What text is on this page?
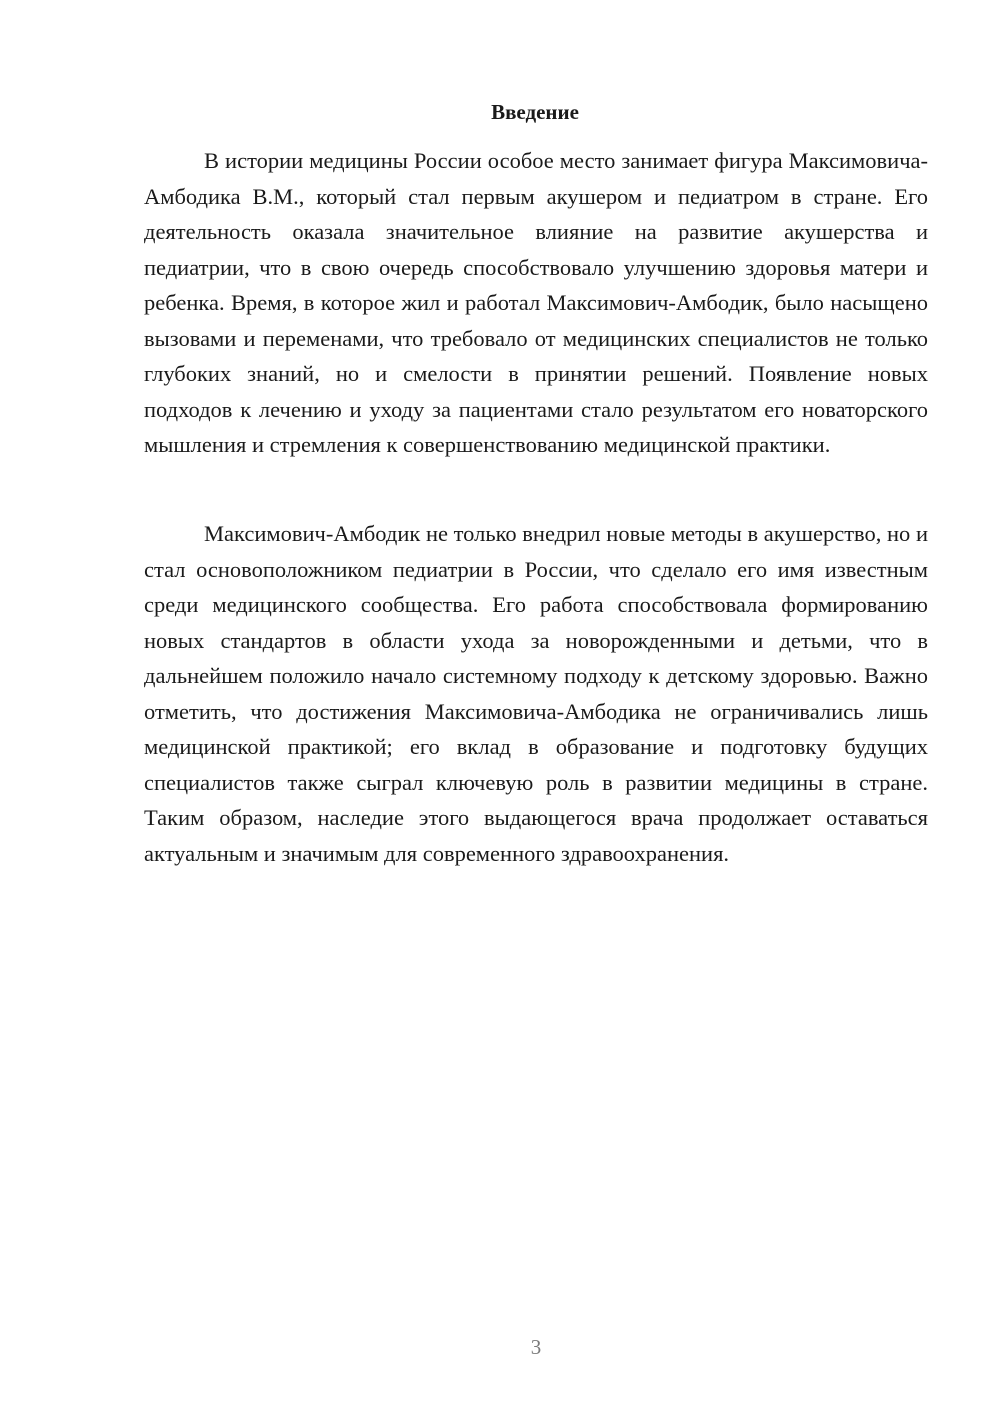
Введение

В истории медицины России особое место занимает фигура Максимовича-Амбодика В.М., который стал первым акушером и педиатром в стране. Его деятельность оказала значительное влияние на развитие акушерства и педиатрии, что в свою очередь способствовало улучшению здоровья матери и ребенка. Время, в которое жил и работал Максимович-Амбодик, было насыщено вызовами и переменами, что требовало от медицинских специалистов не только глубоких знаний, но и смелости в принятии решений. Появление новых подходов к лечению и уходу за пациентами стало результатом его новаторского мышления и стремления к совершенствованию медицинской практики.

Максимович-Амбодик не только внедрил новые методы в акушерство, но и стал основоположником педиатрии в России, что сделало его имя известным среди медицинского сообщества. Его работа способствовала формированию новых стандартов в области ухода за новорожденными и детьми, что в дальнейшем положило начало системному подходу к детскому здоровью. Важно отметить, что достижения Максимовича-Амбодика не ограничивались лишь медицинской практикой; его вклад в образование и подготовку будущих специалистов также сыграл ключевую роль в развитии медицины в стране. Таким образом, наследие этого выдающегося врача продолжает оставаться актуальным и значимым для современного здравоохранения.

3
